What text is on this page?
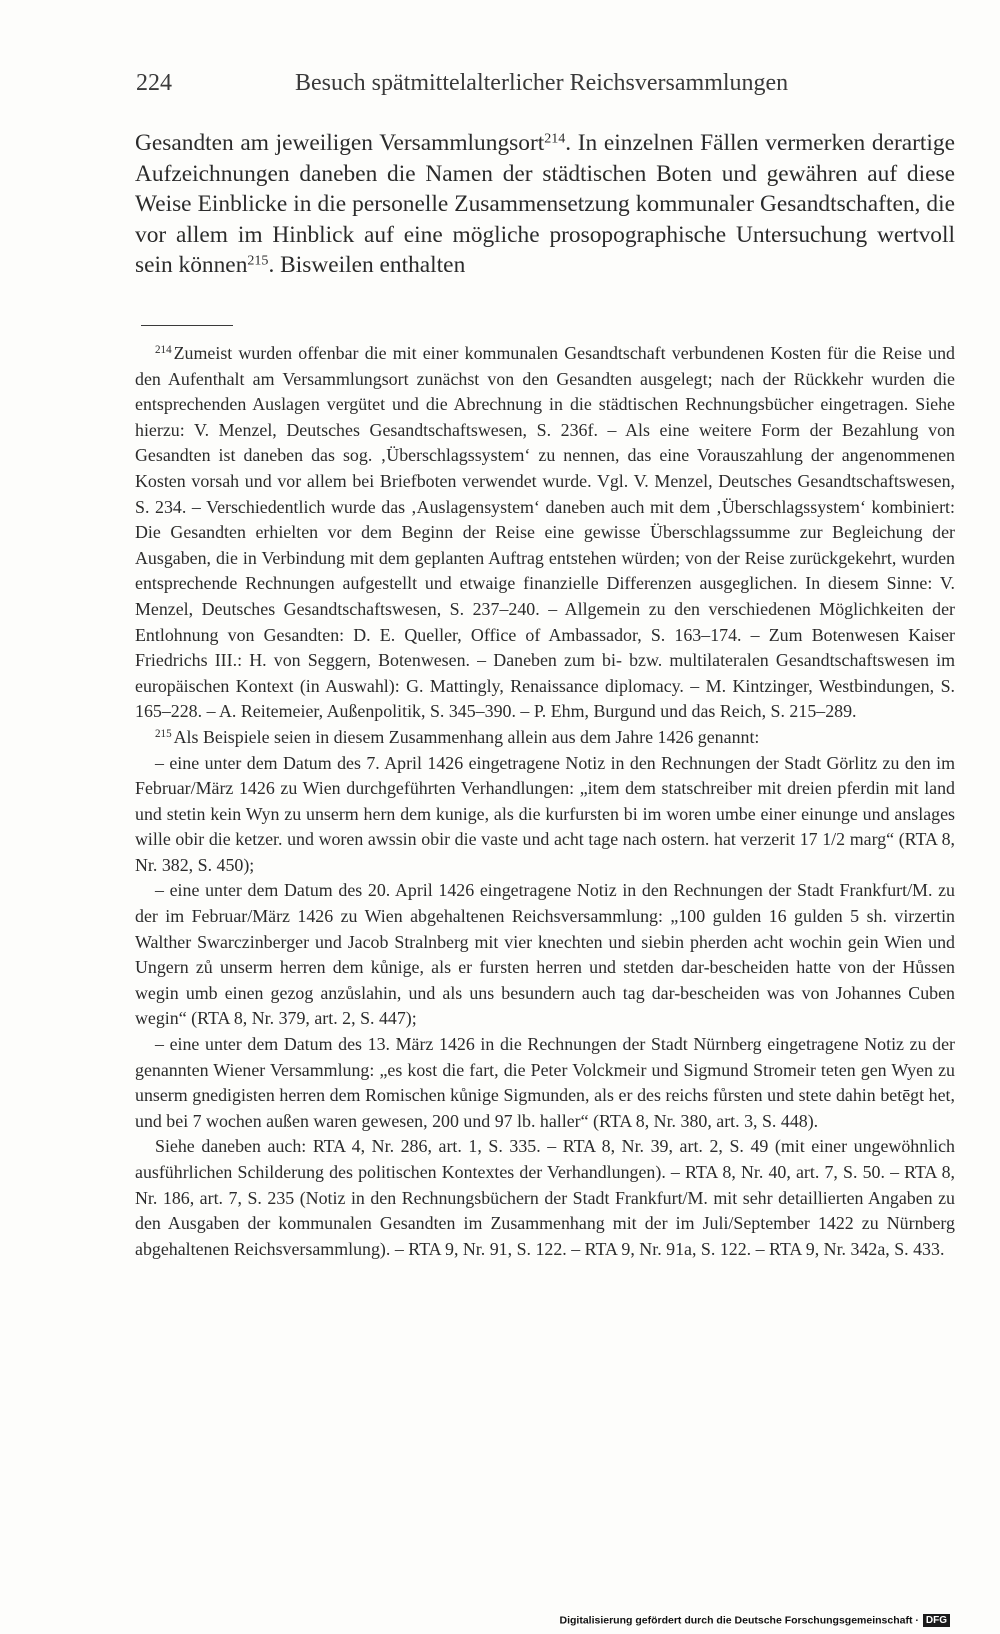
224	Besuch spätmittelalterlicher Reichsversammlungen
Gesandten am jeweiligen Versammlungsort$^{214}$. In einzelnen Fällen vermerken derartige Aufzeichnungen daneben die Namen der städtischen Boten und gewähren auf diese Weise Einblicke in die personelle Zusammensetzung kommunaler Gesandtschaften, die vor allem im Hinblick auf eine mögliche prosopographische Untersuchung wertvoll sein können$^{215}$. Bisweilen enthalten

$^{214}$ Zumeist wurden offenbar die mit einer kommunalen Gesandtschaft verbundenen Kosten für die Reise und den Aufenthalt am Versammlungsort zunächst von den Gesandten ausgelegt; nach der Rückkehr wurden die entsprechenden Auslagen vergütet und die Abrechnung in die städtischen Rechnungsbücher eingetragen. Siehe hierzu: V. Menzel, Deutsches Gesandtschaftswesen, S. 236f. – Als eine weitere Form der Bezahlung von Gesandten ist daneben das sog. ‚Überschlagssystem‘ zu nennen, das eine Vorauszahlung der angenommenen Kosten vorsah und vor allem bei Briefboten verwendet wurde. Vgl. V. Menzel, Deutsches Gesandtschaftswesen, S. 234. – Verschiedentlich wurde das ‚Auslagensystem‘ daneben auch mit dem ‚Überschlagssystem‘ kombiniert: Die Gesandten erhielten vor dem Beginn der Reise eine gewisse Überschlagssumme zur Begleichung der Ausgaben, die in Verbindung mit dem geplanten Auftrag entstehen würden; von der Reise zurückgekehrt, wurden entsprechende Rechnungen aufgestellt und etwaige finanzielle Differenzen ausgeglichen. In diesem Sinne: V. Menzel, Deutsches Gesandtschaftswesen, S. 237–240. – Allgemein zu den verschiedenen Möglichkeiten der Entlohnung von Gesandten: D. E. Queller, Office of Ambassador, S. 163–174. – Zum Botenwesen Kaiser Friedrichs III.: H. von Seggern, Botenwesen. – Daneben zum bi- bzw. multilateralen Gesandtschaftswesen im europäischen Kontext (in Auswahl): G. Mattingly, Renaissance diplomacy. – M. Kintzinger, Westbindungen, S. 165–228. – A. Reitemeier, Außenpolitik, S. 345–390. – P. Ehm, Burgund und das Reich, S. 215–289.

$^{215}$ Als Beispiele seien in diesem Zusammenhang allein aus dem Jahre 1426 genannt:

– eine unter dem Datum des 7. April 1426 eingetragene Notiz in den Rechnungen der Stadt Görlitz zu den im Februar/März 1426 zu Wien durchgeführten Verhandlungen: „item dem statschreiber mit dreien pferdin mit land und stetin kein Wyn zu unserm hern dem kunige, als die kurfursten bi im woren umbe einer einunge und anslages wille obir die ketzer. und woren awssin obir die vaste und acht tage nach ostern. hat verzerit 17 1/2 marg“ (RTA 8, Nr. 382, S. 450);

– eine unter dem Datum des 20. April 1426 eingetragene Notiz in den Rechnungen der Stadt Frankfurt/M. zu der im Februar/März 1426 zu Wien abgehaltenen Reichsversammlung: „100 gulden 16 gulden 5 sh. virzertin Walther Swarczinberger und Jacob Stralnberg mit vier knechten und siebin pherden acht wochin gein Wien und Ungern zů unserm herren dem kůnige, als er fursten herren und stetden dar-bescheiden hatte von der Hůssen wegin umb einen gezog anzůslahin, und als uns besundern auch tag dar-bescheiden was von Johannes Cuben wegin“ (RTA 8, Nr. 379, art. 2, S. 447);

– eine unter dem Datum des 13. März 1426 in die Rechnungen der Stadt Nürnberg eingetragene Notiz zu der genannten Wiener Versammlung: „es kost die fart, die Peter Volckmeir und Sigmund Stromeir teten gen Wyen zu unserm gnedigisten herren dem Romischen kůnige Sigmunden, als er des reichs fůrsten und stete dahin betēgt het, und bei 7 wochen außen waren gewesen, 200 und 97 lb. haller“ (RTA 8, Nr. 380, art. 3, S. 448).

Siehe daneben auch: RTA 4, Nr. 286, art. 1, S. 335. – RTA 8, Nr. 39, art. 2, S. 49 (mit einer ungewöhnlich ausführlichen Schilderung des politischen Kontextes der Verhandlungen). – RTA 8, Nr. 40, art. 7, S. 50. – RTA 8, Nr. 186, art. 7, S. 235 (Notiz in den Rechnungsbüchern der Stadt Frankfurt/M. mit sehr detaillierten Angaben zu den Ausgaben der kommunalen Gesandten im Zusammenhang mit der im Juli/September 1422 zu Nürnberg abgehaltenen Reichsversammlung). – RTA 9, Nr. 91, S. 122. – RTA 9, Nr. 91a, S. 122. – RTA 9, Nr. 342a, S. 433.

Digitalisierung gefördert durch die Deutsche Forschungsgemeinschaft · DFG
